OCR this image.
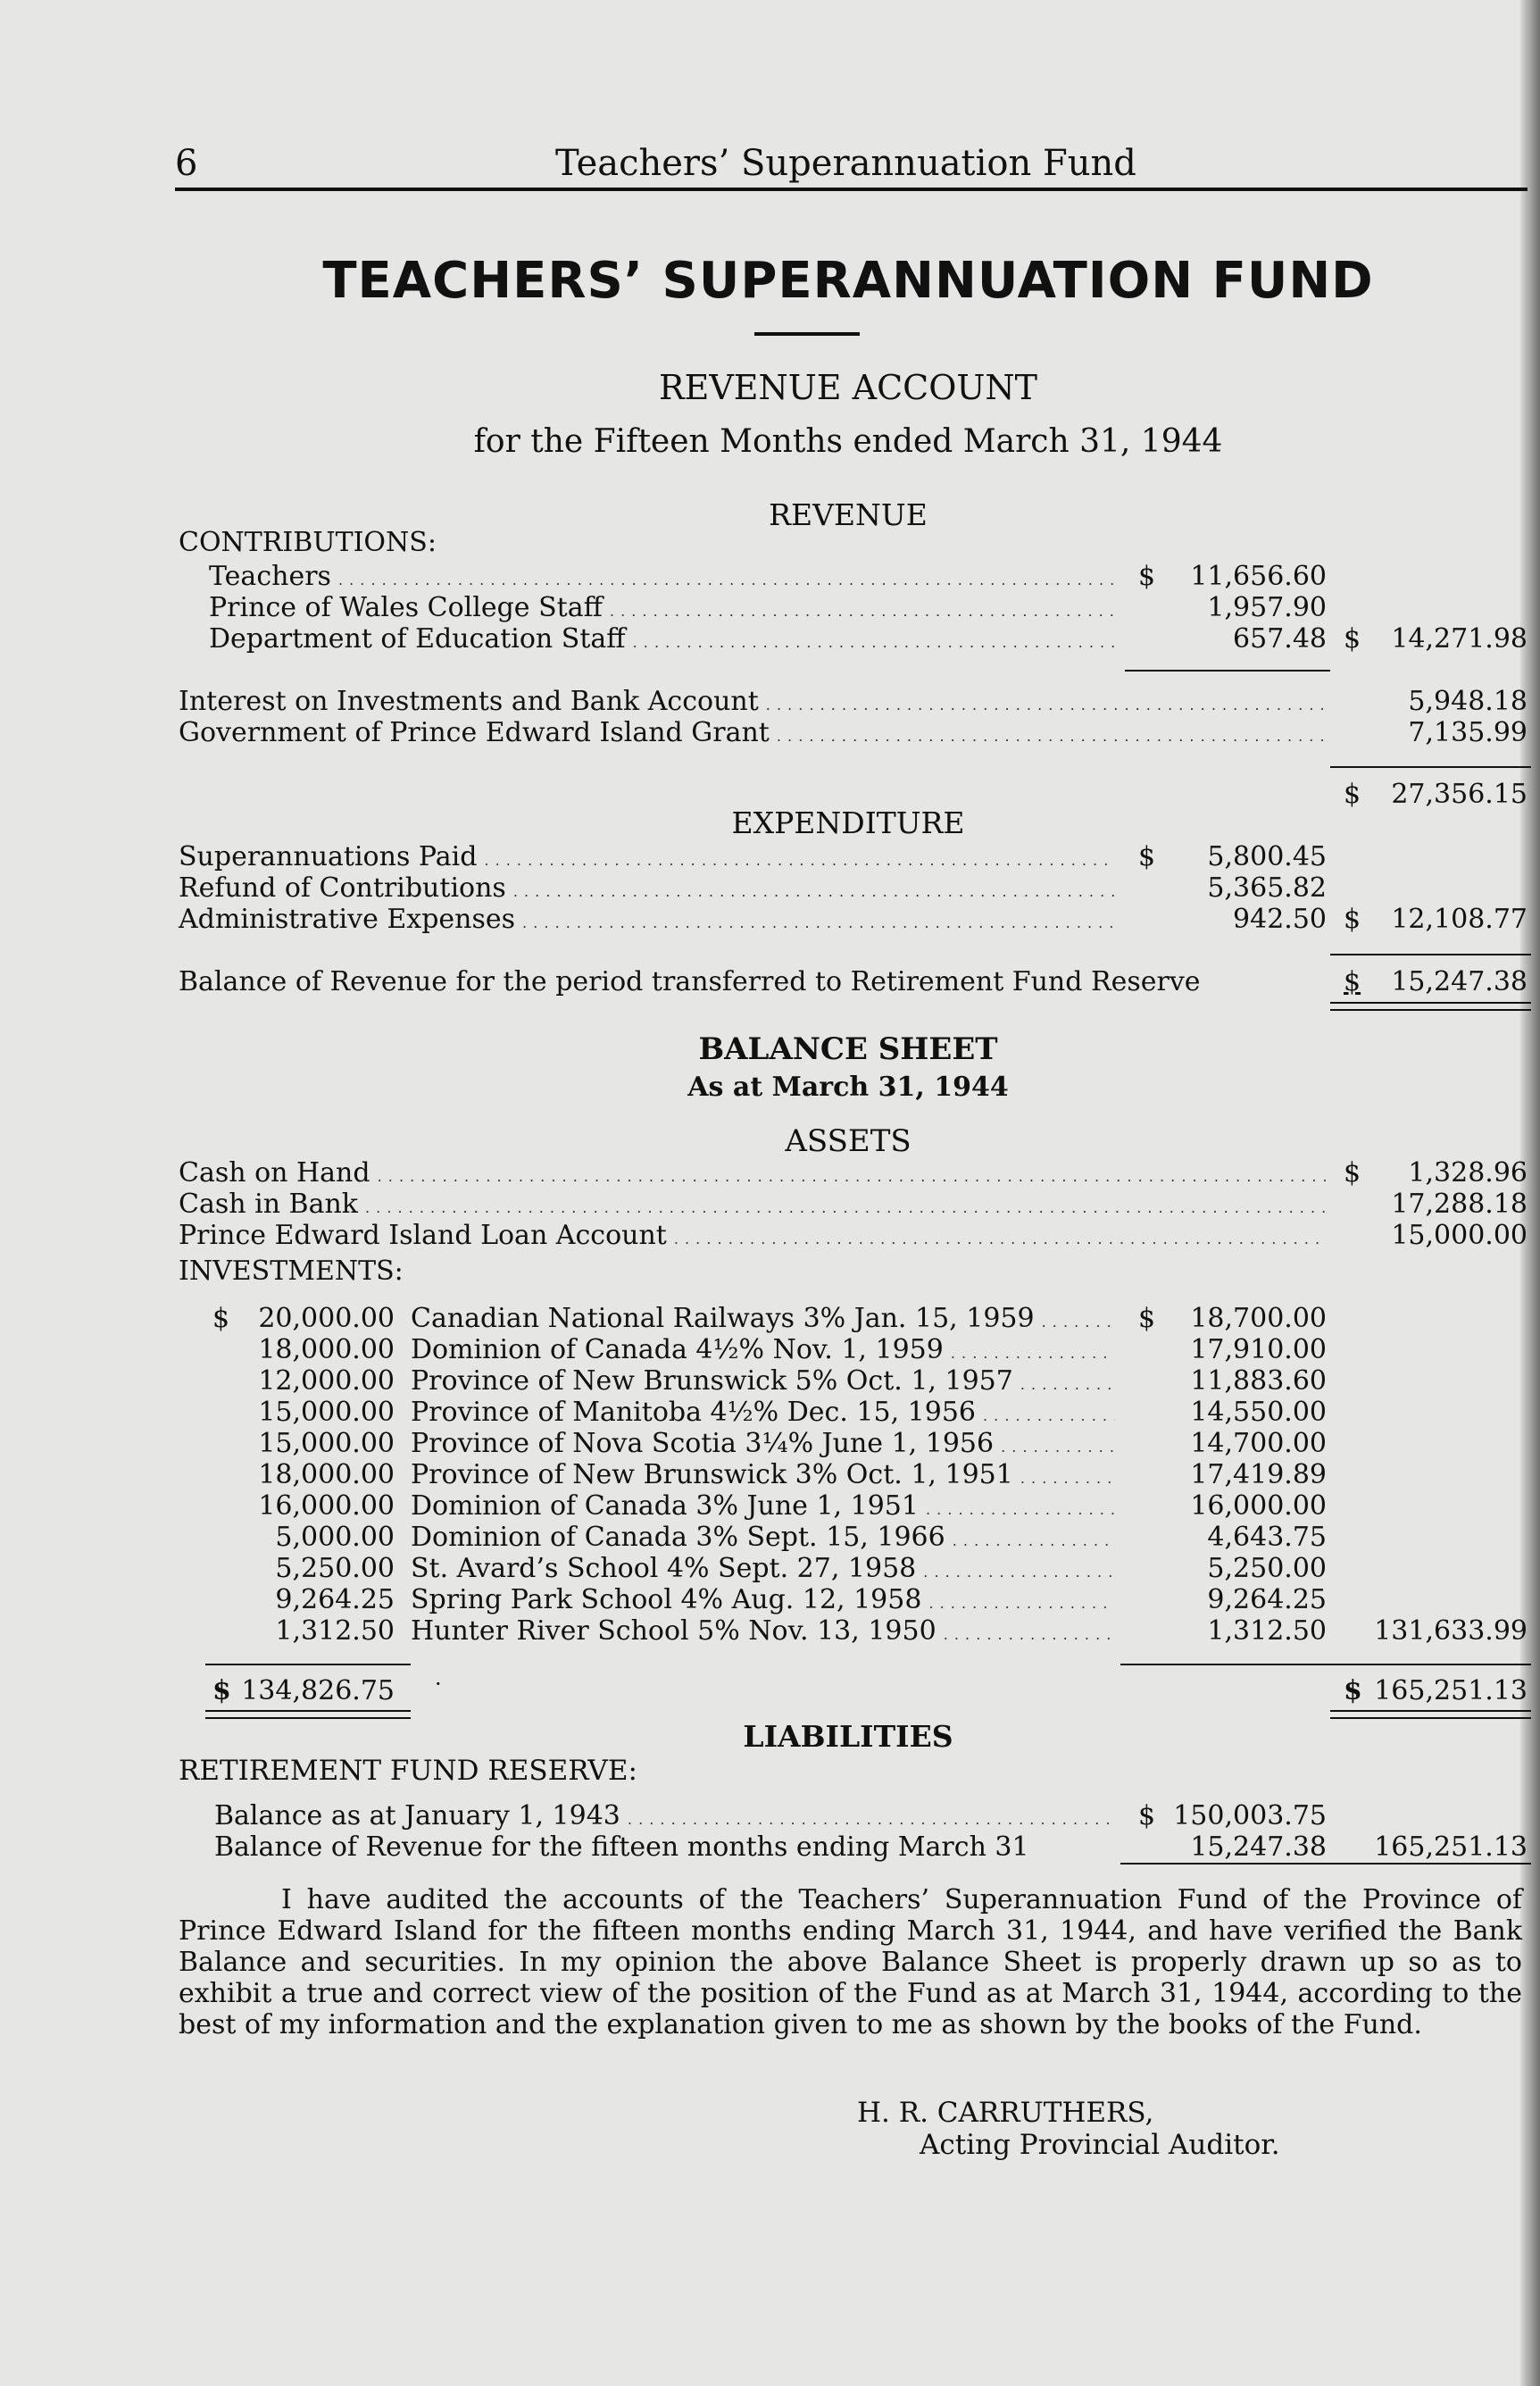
6	Teachers’ Superannuation Fund
TEACHERS’ SUPERANNUATION FUND
REVENUE ACCOUNT
for the Fifteen Months ended March 31, 1944
REVENUE
CONTRIBUTIONS:
Teachers . . .	$ 11,656.60
Prince of Wales College Staff . . .	1,957.90
Department of Education Staff . . .	657.48 $ 14,271.98
Interest on Investments and Bank Account . . .	5,948.18
Government of Prince Edward Island Grant . . .	7,135.99
$ 27,356.15
EXPENDITURE
Superannuations Paid . . .	$ 5,800.45
Refund of Contributions . . .	5,365.82
Administrative Expenses . . .	942.50 $ 12,108.77
Balance of Revenue for the period transferred to Retirement Fund Reserve	$ 15,247.38
BALANCE SHEET
As at March 31, 1944
ASSETS
Cash on Hand . . .	$ 1,328.96
Cash in Bank . . .	17,288.18
Prince Edward Island Loan Account . . .	15,000.00
INVESTMENTS:
$	$
20,000.00 Canadian National Railways 3% Jan. 15, 1959 . . .	18,700.00
18,000.00 Dominion of Canada 4½% Nov. 1, 1959 . . .	17,910.00
12,000.00 Province of New Brunswick 5% Oct. 1, 1957 . . .	11,883.60
15,000.00 Province of Manitoba 4½% Dec. 15, 1956 . . .	14,550.00
15,000.00 Province of Nova Scotia 3¼% June 1, 1956 . . .	14,700.00
18,000.00 Province of New Brunswick 3% Oct. 1, 1951 . . .	17,419.89
16,000.00 Dominion of Canada 3% June 1, 1951 . . .	16,000.00
5,000.00 Dominion of Canada 3% Sept. 15, 1966 . . .	4,643.75
5,250.00 St. Avard’s School 4% Sept. 27, 1958 . . .	5,250.00
9,264.25 Spring Park School 4% Aug. 12, 1958 . . .	9,264.25
1,312.50 Hunter River School 5% Nov. 13, 1950 . . .	1,312.50 131,633.99
$ 134,826.75 ·	$ 165,251.13
LIABILITIES
RETIREMENT FUND RESERVE:
Balance as at January 1, 1943 . . .	$ 150,003.75
Balance of Revenue for the fifteen months ending March 31	15,247.38 165,251.13
I have audited the accounts of the Teachers’ Superannuation Fund of the Province of Prince Edward Island for the fifteen months ending March 31, 1944, and have verified the Bank Balance and securities. In my opinion the above Balance Sheet is properly drawn up so as to exhibit a true and correct view of the position of the Fund as at March 31, 1944, according to the best of my information and the explanation given to me as shown by the books of the Fund.
H. R. CARRUTHERS,
Acting Provincial Auditor.
